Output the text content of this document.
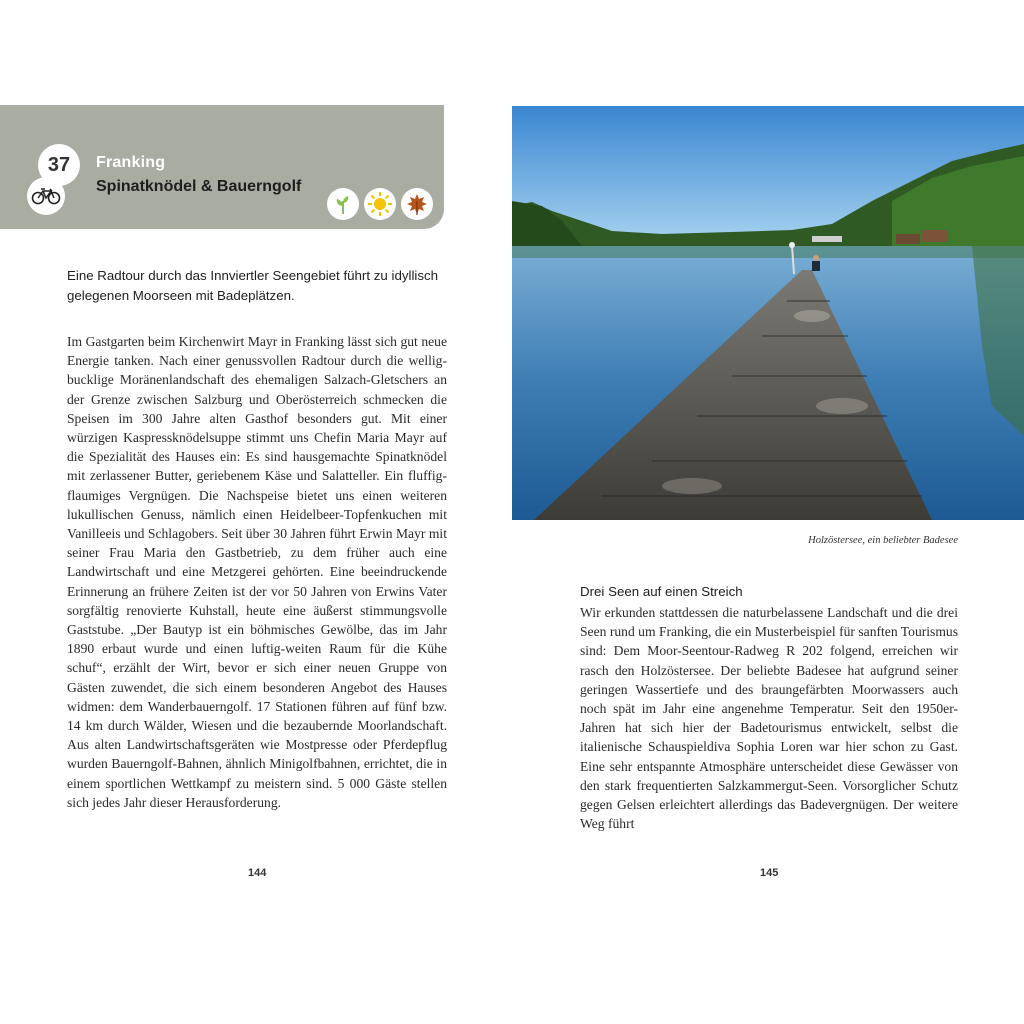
37 Franking
Spinatknödel & Bauerngolf
Eine Radtour durch das Innviertler Seengebiet führt zu idyllisch gelegenen Moorseen mit Badeplätzen.

Im Gastgarten beim Kirchenwirt Mayr in Franking lässt sich gut neue Energie tanken. Nach einer genussvollen Radtour durch die wellig-bucklige Moränenlandschaft des ehemaligen Salzach-Gletschers an der Grenze zwischen Salzburg und Oberösterreich schmecken die Speisen im 300 Jahre alten Gasthof besonders gut. Mit einer würzigen Kaspressknödelsuppe stimmt uns Chefin Maria Mayr auf die Spezialität des Hauses ein: Es sind hausgemachte Spinatknödel mit zerlassener Butter, geriebenem Käse und Salatteller. Ein fluffig-flaumiges Vergnügen. Die Nachspeise bietet uns einen weiteren lukullischen Genuss, nämlich einen Heidelbeer-Topfenkuchen mit Vanilleeis und Schlagobers. Seit über 30 Jahren führt Erwin Mayr mit seiner Frau Maria den Gastbetrieb, zu dem früher auch eine Landwirtschaft und eine Metzgerei gehörten. Eine beeindruckende Erinnerung an frühere Zeiten ist der vor 50 Jahren von Erwins Vater sorgfältig renovierte Kuhstall, heute eine äußerst stimmungsvolle Gaststube. „Der Bautyp ist ein böhmisches Gewölbe, das im Jahr 1890 erbaut wurde und einen luftig-weiten Raum für die Kühe schuf“, erzählt der Wirt, bevor er sich einer neuen Gruppe von Gästen zuwendet, die sich einem besonderen Angebot des Hauses widmen: dem Wanderbauerngolf. 17 Stationen führen auf fünf bzw. 14 km durch Wälder, Wiesen und die bezaubernde Moorlandschaft. Aus alten Landwirtschaftsgeräten wie Mostpresse oder Pferdepflug wurden Bauerngolf-Bahnen, ähnlich Minigolfbahnen, errichtet, die in einem sportlichen Wettkampf zu meistern sind. 5 000 Gäste stellen sich jedes Jahr dieser Herausforderung.

144
Holzöstersee, ein beliebter Badesee
Drei Seen auf einen Streich

Wir erkunden stattdessen die naturbelassene Landschaft und die drei Seen rund um Franking, die ein Musterbeispiel für sanften Tourismus sind: Dem Moor-Seentour-Radweg R 202 folgend, erreichen wir rasch den Holzöstersee. Der beliebte Badesee hat aufgrund seiner geringen Wassertiefe und des braungefärbten Moorwassers auch noch spät im Jahr eine angenehme Temperatur. Seit den 1950er-Jahren hat sich hier der Badetourismus entwickelt, selbst die italienische Schauspieldiva Sophia Loren war hier schon zu Gast. Eine sehr entspannte Atmosphäre unterscheidet diese Gewässer von den stark frequentierten Salzkammergut-Seen. Vorsorglicher Schutz gegen Gelsen erleichtert allerdings das Badevergnügen. Der weitere Weg führt

145
